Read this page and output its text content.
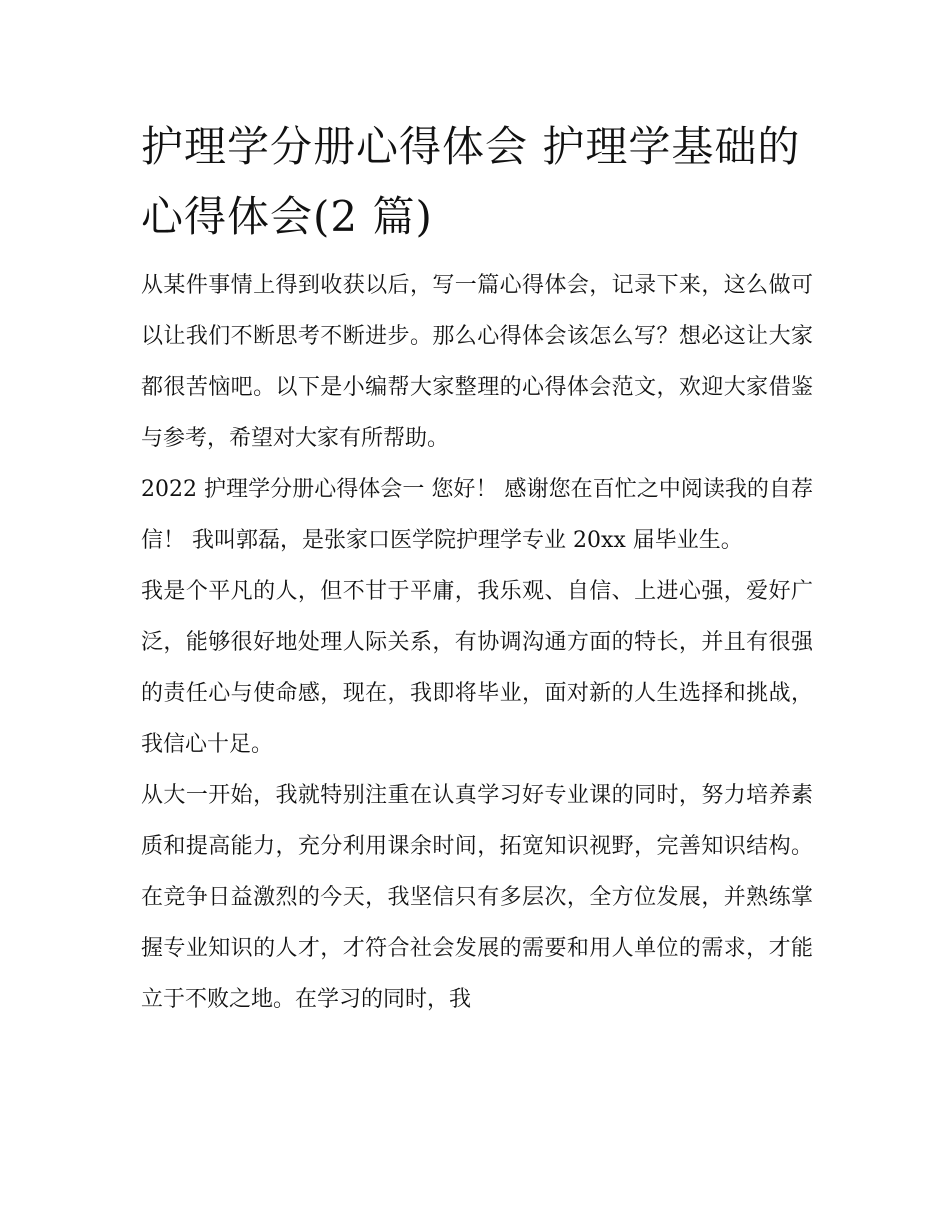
护理学分册心得体会 护理学基础的心得体会(2 篇)

从某件事情上得到收获以后，写一篇心得体会，记录下来，这么做可以让我们不断思考不断进步。那么心得体会该怎么写？想必这让大家都很苦恼吧。以下是小编帮大家整理的心得体会范文，欢迎大家借鉴与参考，希望对大家有所帮助。

2022 护理学分册心得体会一 您好！ 感谢您在百忙之中阅读我的自荐信！ 我叫郭磊，是张家口医学院护理学专业 20xx 届毕业生。

我是个平凡的人，但不甘于平庸，我乐观、自信、上进心强，爱好广泛，能够很好地处理人际关系，有协调沟通方面的特长，并且有很强的责任心与使命感，现在，我即将毕业，面对新的人生选择和挑战，我信心十足。

从大一开始，我就特别注重在认真学习好专业课的同时，努力培养素质和提高能力，充分利用课余时间，拓宽知识视野，完善知识结构。在竞争日益激烈的今天，我坚信只有多层次，全方位发展，并熟练掌握专业知识的人才，才符合社会发展的需要和用人单位的需求，才能立于不败之地。在学习的同时，我
